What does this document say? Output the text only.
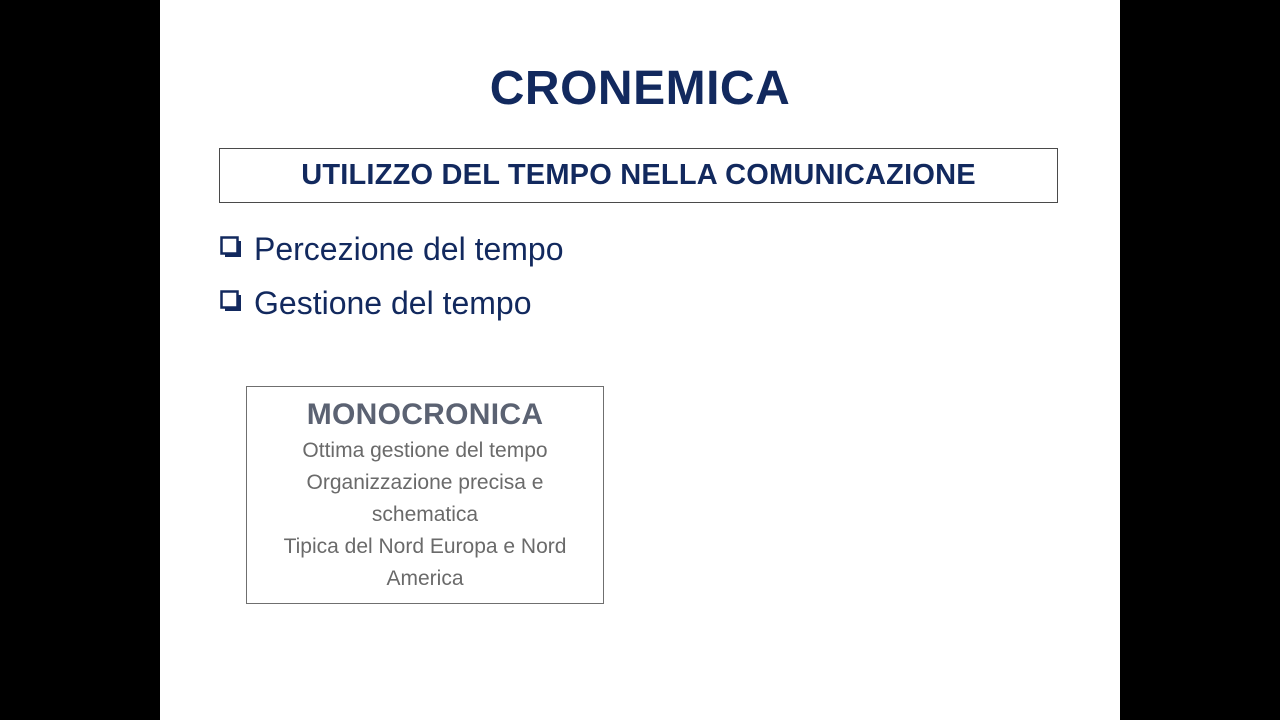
CRONEMICA
UTILIZZO DEL TEMPO NELLA COMUNICAZIONE
Percezione del tempo
Gestione del tempo
MONOCRONICA
Ottima gestione del tempo
Organizzazione precisa e
schematica
Tipica del Nord Europa e Nord
America
